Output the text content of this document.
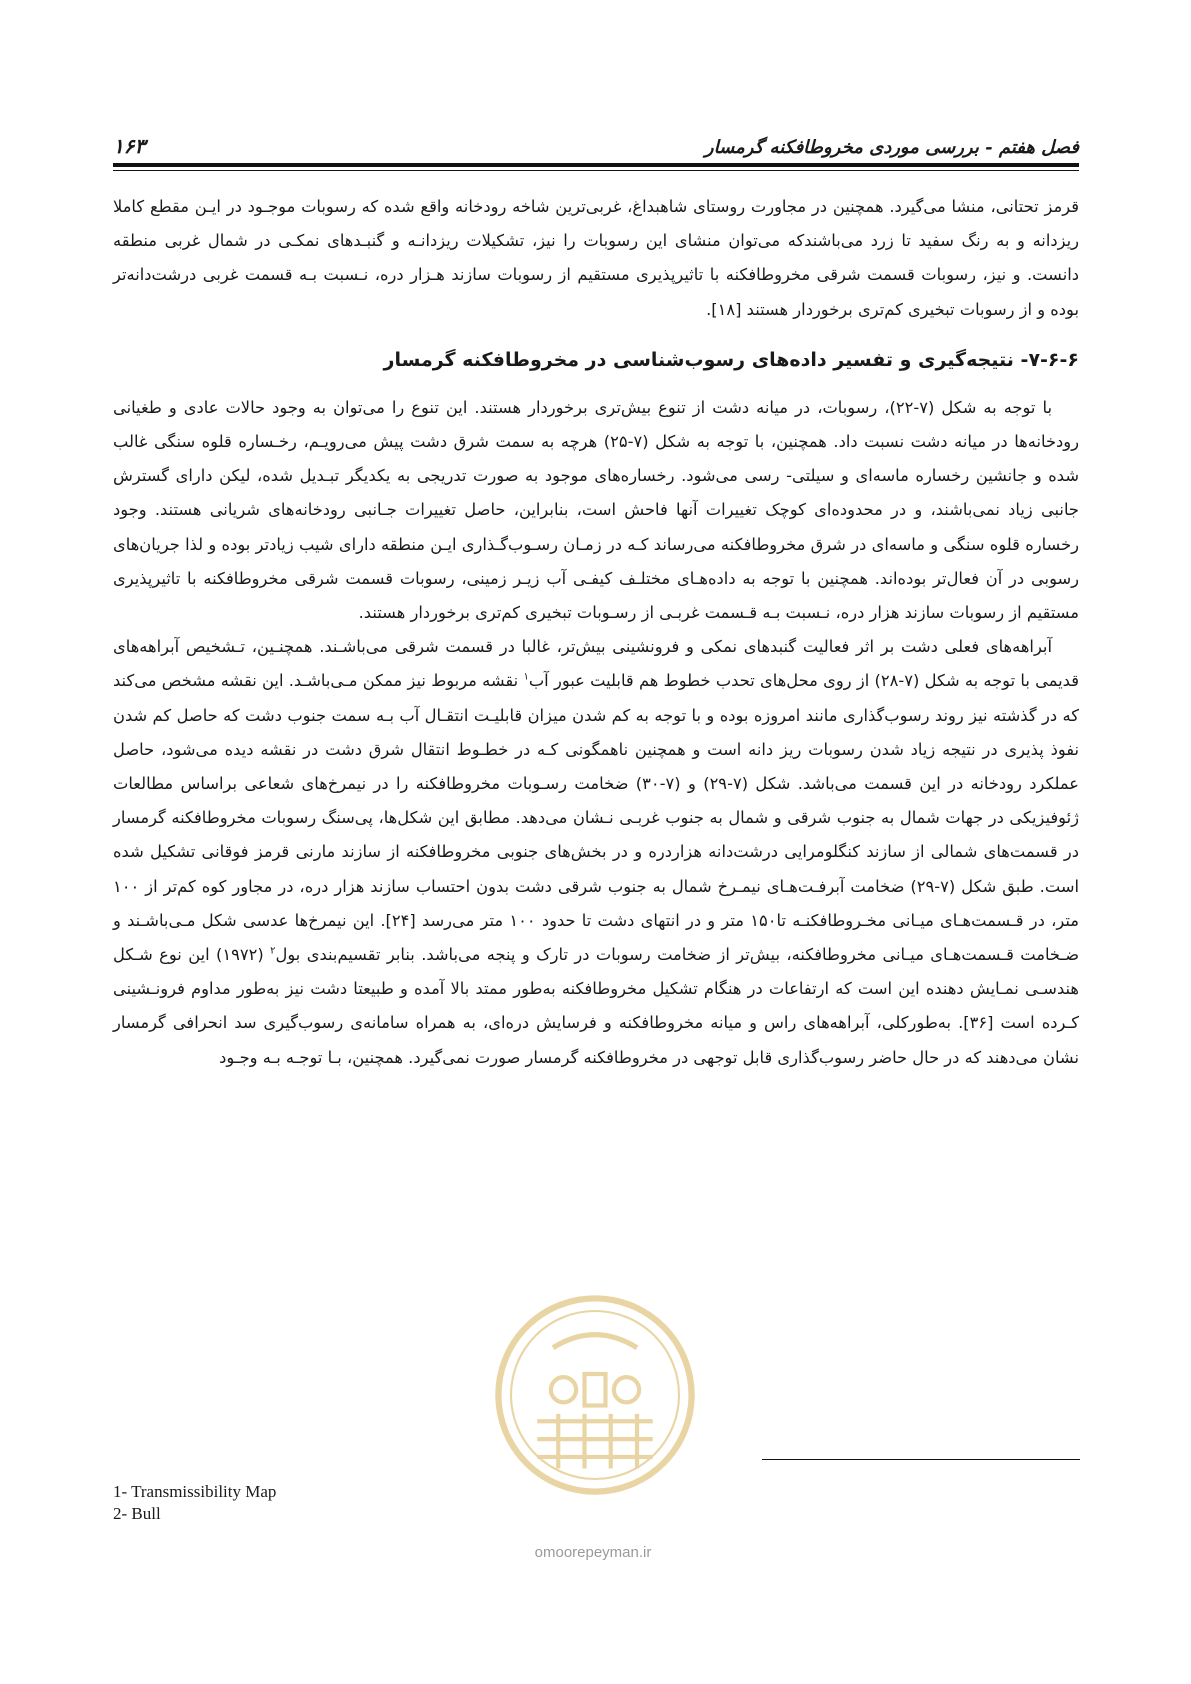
۱۶۳	فصل هفتم - بررسی موردی مخروطافکنه گرمسار

قرمز تحتانی، منشا می‌گیرد. همچنین در مجاورت روستای شاهبداغ، غربی‌ترین شاخه رودخانه واقع شده که رسوبات موجـود در ایـن مقطع کاملا ریزدانه و به رنگ سفید تا زرد می‌باشندکه می‌توان منشای این رسوبات را نیز، تشکیلات ریزدانـه و گنبـدهای نمکـی در شمال غربی منطقه دانست. و نیز، رسوبات قسمت شرقی مخروطافکنه با تاثیرپذیری مستقیم از رسوبات سازند هـزار دره، نـسبت بـه قسمت غربی درشت‌دانه‌تر بوده و از رسوبات تبخیری کم‌تری برخوردار هستند [۱۸].

۷-۶-۶- نتیجه‌گیری و تفسیر داده‌های رسوب‌شناسی در مخروطافکنه گرمسار

با توجه به شکل (۷-۲۲)، رسوبات، در میانه دشت از تنوع بیش‌تری برخوردار هستند. این تنوع را می‌توان به وجود حالات عادی و طغیانی رودخانه‌ها در میانه دشت نسبت داد. همچنین، با توجه به شکل (۷-۲۵) هرچه به سمت شرق دشت پیش می‌رویـم، رخـساره قلوه سنگی غالب شده و جانشین رخساره ماسه‌ای و سیلتی- رسی می‌شود. رخساره‌های موجود به صورت تدریجی به یکدیگر تبـدیل شده، لیکن دارای گسترش جانبی زیاد نمی‌باشند، و در محدوده‌ای کوچک تغییرات آنها فاحش است، بنابراین، حاصل تغییرات جـانبی رودخانه‌های شریانی هستند. وجود رخساره قلوه سنگی و ماسه‌ای در شرق مخروطافکنه می‌رساند کـه در زمـان رسـوب‌گـذاری ایـن منطقه دارای شیب زیادتر بوده و لذا جریان‌های رسوبی در آن فعال‌تر بوده‌اند. همچنین با توجه به داده‌هـای مختلـف کیفـی آب زیـر زمینی، رسوبات قسمت شرقی مخروطافکنه با تاثیرپذیری مستقیم از رسوبات سازند هزار دره، نـسبت بـه قـسمت غربـی از رسـوبات تبخیری کم‌تری برخوردار هستند.

آبراهه‌های فعلی دشت بر اثر فعالیت گنبدهای نمکی و فرونشینی بیش‌تر، غالبا در قسمت شرقی می‌باشـند. همچنـین، تـشخیص آبراهه‌های قدیمی با توجه به شکل (۷-۲۸) از روی محل‌های تحدب خطوط هم قابلیت عبور آب$^۱$ نقشه مربوط نیز ممکن مـی‌باشـد. این نقشه مشخص می‌کند که در گذشته نیز روند رسوب‌گذاری مانند امروزه بوده و با توجه به کم شدن میزان قابلیـت انتقـال آب بـه سمت جنوب دشت که حاصل کم شدن نفوذ پذیری در نتیجه زیاد شدن رسوبات ریز دانه است و همچنین ناهمگونی کـه در خطـوط انتقال شرق دشت در نقشه دیده می‌شود، حاصل عملکرد رودخانه در این قسمت می‌باشد. شکل (۷-۲۹) و (۷-۳۰) ضخامت رسـوبات مخروطافکنه را در نیمرخ‌های شعاعی براساس مطالعات ژئوفیزیکی در جهات شمال به جنوب شرقی و شمال به جنوب غربـی نـشان می‌دهد. مطابق این شکل‌ها، پی‌سنگ رسوبات مخروطافکنه گرمسار در قسمت‌های شمالی از سازند کنگلومرایی درشت‌دانه هزاردره و در بخش‌های جنوبی مخروطافکنه از سازند مارنی قرمز فوقانی تشکیل شده است. طبق شکل (۷-۲۹) ضخامت آبرفـت‌هـای نیمـرخ شمال به جنوب شرقی دشت بدون احتساب سازند هزار دره، در مجاور کوه کم‌تر از ۱۰۰ متر، در قـسمت‌هـای میـانی مخـروطافکنـه تا۱۵۰ متر و در انتهای دشت تا حدود ۱۰۰ متر می‌رسد [۲۴]. این نیمرخ‌ها عدسی شکل مـی‌باشـند و ضـخامت قـسمت‌هـای میـانی مخروطافکنه، بیش‌تر از ضخامت رسوبات در تارک و پنجه می‌باشد. بنابر تقسیم‌بندی بول$^۲$ (۱۹۷۲) این نوع شـکل هندسـی نمـایش دهنده این است که ارتفاعات در هنگام تشکیل مخروطافکنه به‌طور ممتد بالا آمده و طبیعتا دشت نیز به‌طور مداوم فرونـشینی کـرده است [۳۶]. به‌طورکلی، آبراهه‌های راس و میانه مخروطافکنه و فرسایش دره‌ای، به همراه سامانه‌ی رسوب‌گیری سد انحرافی گرمسار نشان می‌دهند که در حال حاضر رسوب‌گذاری قابل توجهی در مخروطافکنه گرمسار صورت نمی‌گیرد. همچنین، بـا توجـه بـه وجـود

omoorepeyman.ir
1- Transmissibility Map
2- Bull
